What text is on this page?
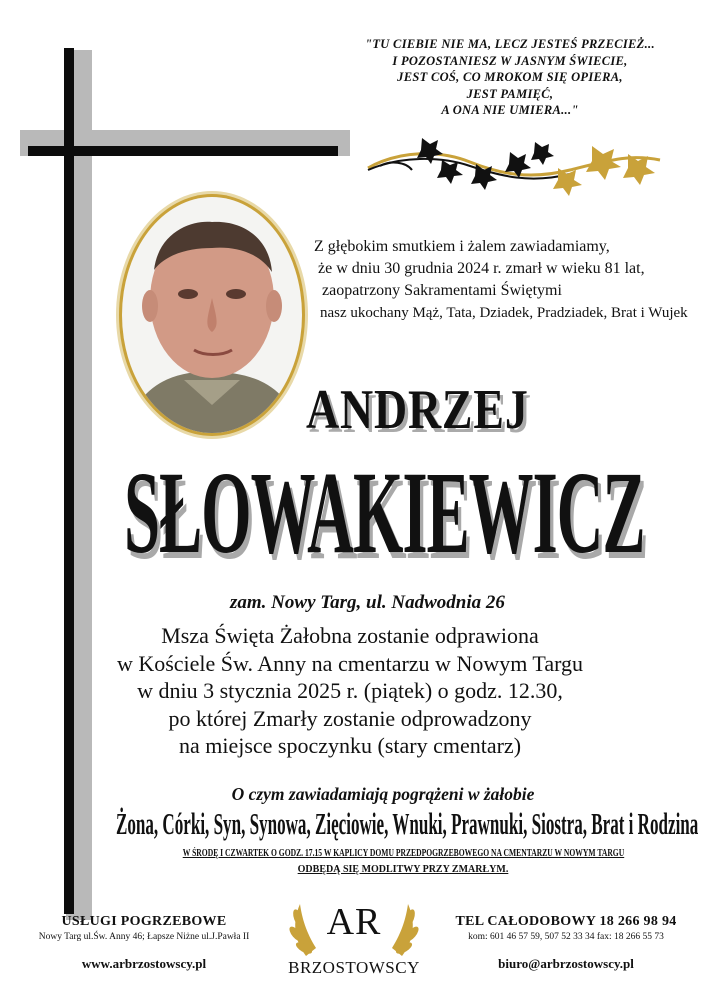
"TU CIEBIE NIE MA, LECZ JESTEŚ PRZECIEŻ...
I POZOSTANIESZ W JASNYM ŚWIECIE,
JEST COŚ, CO MROKOM SIĘ OPIERA,
JEST PAMIĘĆ,
A ONA NIE UMIERA..."
Z głębokim smutkiem i żalem zawiadamiamy,
że w dniu 30 grudnia 2024 r. zmarł w wieku 81 lat,
zaopatrzony Sakramentami Świętymi
nasz ukochany Mąż, Tata, Dziadek, Pradziadek, Brat i Wujek
ANDRZEJ
SŁOWAKIEWICZ
zam. Nowy Targ, ul. Nadwodnia 26
Msza Święta Żałobna zostanie odprawiona
w Kościele Św. Anny na cmentarzu w Nowym Targu
w dniu 3 stycznia 2025 r. (piątek) o godz. 12.30,
po której Zmarły zostanie odprowadzony
na miejsce spoczynku (stary cmentarz)
O czym zawiadamiają pogrążeni w żałobie
Żona, Córki, Syn, Synowa, Zięciowie, Wnuki, Prawnuki, Siostra, Brat i Rodzina
W ŚRODĘ I CZWARTEK O GODZ. 17.15 W KAPLICY DOMU PRZEDPOGRZEBOWEGO NA CMENTARZU W NOWYM TARGU
ODBĘDĄ SIĘ MODLITWY PRZY ZMARŁYM.
USŁUGI POGRZEBOWE
Nowy Targ ul.Św. Anny 46; Łapsze Niżne ul.J.Pawła II
www.arbrzostowscy.pl
AR
BRZOSTOWSCY
TEL CAŁODOBOWY 18 266 98 94
kom: 601 46 57 59, 507 52 33 34 fax: 18 266 55 73
biuro@arbrzostowscy.pl
